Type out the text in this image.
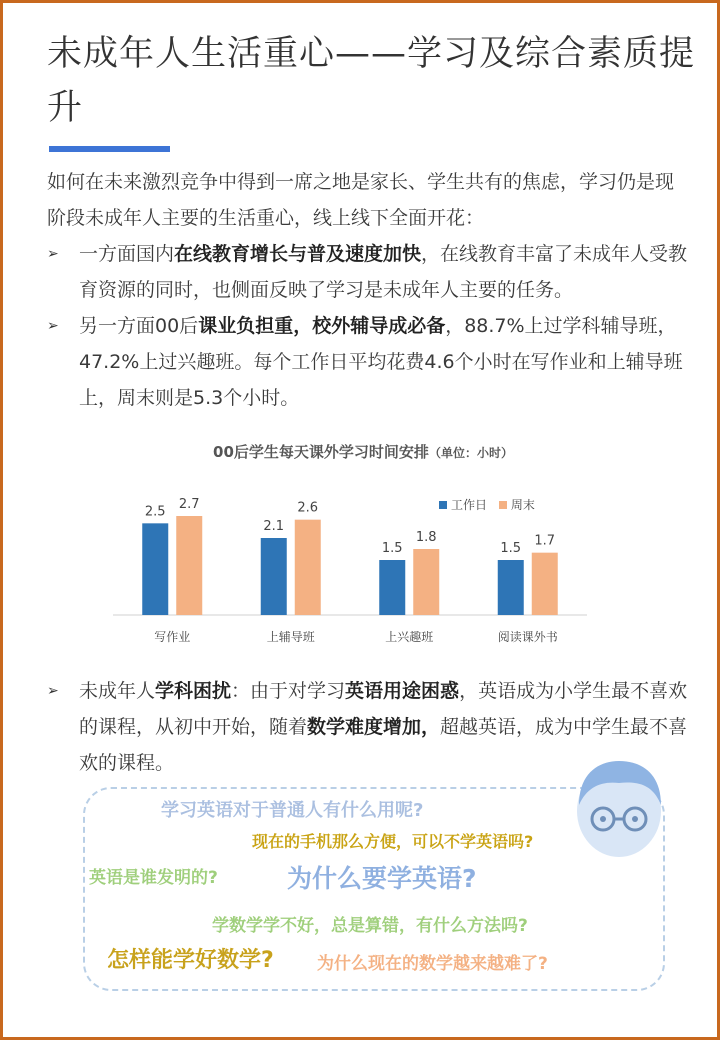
未成年人生活重心——学习及综合素质提升
如何在未来激烈竞争中得到一席之地是家长、学生共有的焦虑，学习仍是现阶段未成年人主要的生活重心，线上线下全面开花：
➢	一方面国内在线教育增长与普及速度加快，在线教育丰富了未成年人受教育资源的同时，也侧面反映了学习是未成年人主要的任务。
➢	另一方面00后课业负担重，校外辅导成必备，88.7%上过学科辅导班，47.2%上过兴趣班。每个工作日平均花费4.6个小时在写作业和上辅导班上，周末则是5.3个小时。
00后学生每天课外学习时间安排（单位：小时）
工作日 周末
2.5 2.7
写作业
2.1
2.6
上辅导班
1.5
1.8
上兴趣班
1.5 1.7
阅读课外书
➢	未成年人学科困扰：由于对学习英语用途困惑，英语成为小学生最不喜欢的课程，从初中开始，随着数学难度增加，超越英语，成为中学生最不喜欢的课程。
学习英语对于普通人有什么用呢?
现在的手机那么方便，可以不学英语吗?
英语是谁发明的?	为什么要学英语?
学数学学不好，总是算错，有什么方法吗?
怎样能学好数学?	为什么现在的数学越来越难了?
